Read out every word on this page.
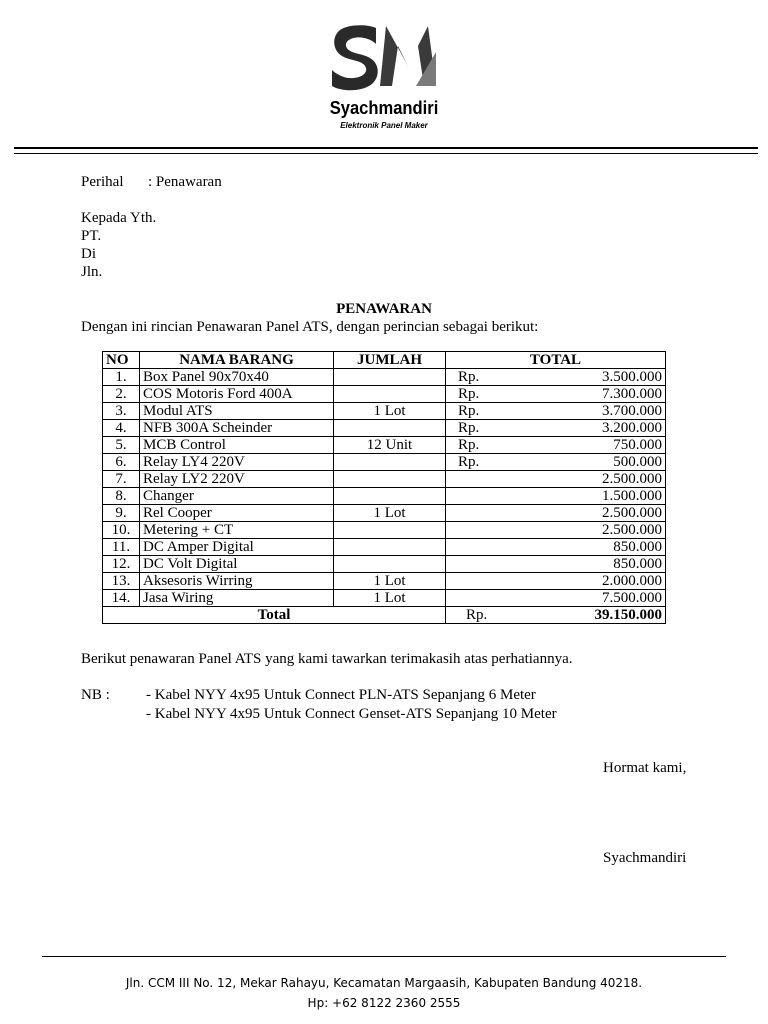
Syachmandiri
Elektronik Panel Maker
Perihal : Penawaran
Kepada Yth.
PT.
Di
Jln.
PENAWARAN
Dengan ini rincian Penawaran Panel ATS, dengan perincian sebagai berikut:
NO	NAMA BARANG	JUMLAH	TOTAL
1.	Box Panel 90x70x40		Rp. 3.500.000

2.	COS Motoris Ford 400A		Rp. 7.300.000

3.	Modul ATS	1 Lot	Rp. 3.700.000

4.	NFB 300A Scheinder		Rp. 3.200.000

5.	MCB Control	12 Unit	Rp. 750.000

6.	Relay LY4 220V		Rp. 500.000

7.	Relay LY2 220V		2.500.000

8.	Changer		1.500.000

9.	Rel Cooper	1 Lot	2.500.000

10.	Metering + CT		2.500.000

11.	DC Amper Digital		850.000

12.	DC Volt Digital		850.000

13.	Aksesoris Wirring	1 Lot	2.000.000

14.	Jasa Wiring	1 Lot	7.500.000

Total			Rp. 39.150.000
Berikut penawaran Panel ATS yang kami tawarkan terimakasih atas perhatiannya.
NB : - Kabel NYY 4x95 Untuk Connect PLN-ATS Sepanjang 6 Meter
- Kabel NYY 4x95 Untuk Connect Genset-ATS Sepanjang 10 Meter
Hormat kami,
Syachmandiri
Jln. CCM III No. 12, Mekar Rahayu, Kecamatan Margaasih, Kabupaten Bandung 40218.
Hp: +62 8122 2360 2555
